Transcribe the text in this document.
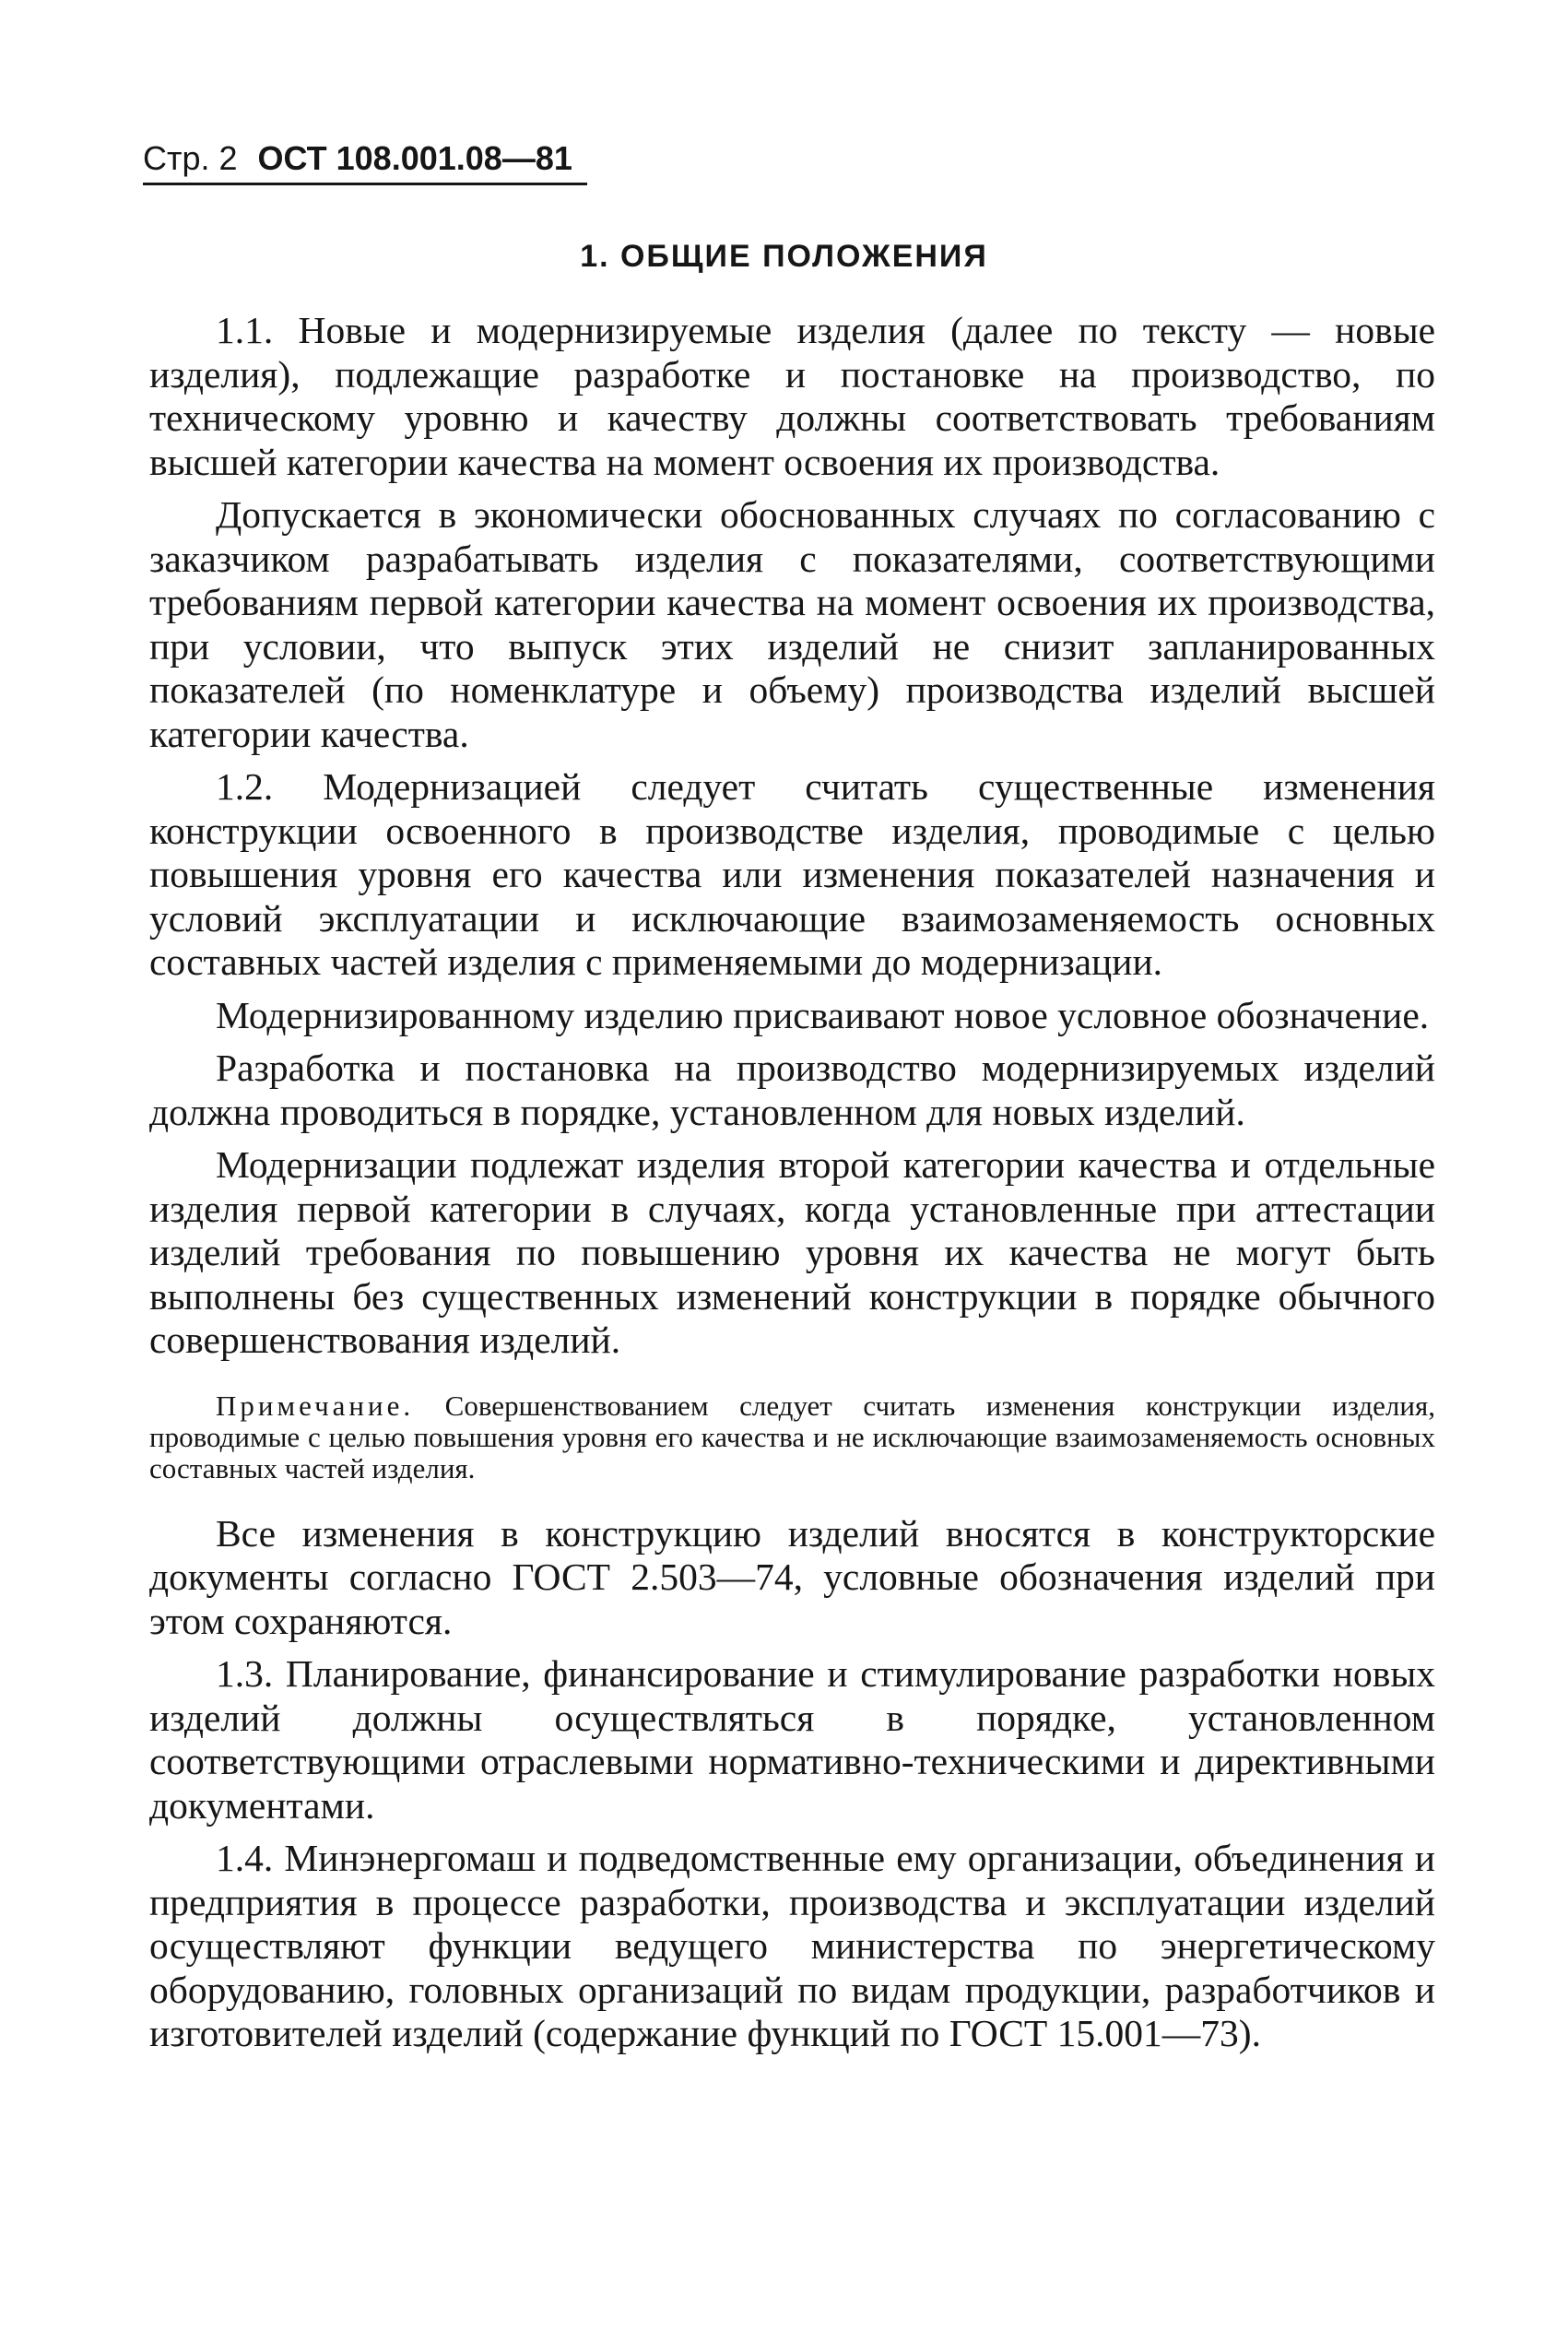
Стр. 2 ОСТ 108.001.08—81
1. ОБЩИЕ ПОЛОЖЕНИЯ

1.1. Новые и модернизируемые изделия (далее по тексту — новые изделия), подлежащие разработке и постановке на производство, по техническому уровню и качеству должны соответствовать требованиям высшей категории качества на момент освоения их производства.

Допускается в экономически обоснованных случаях по согласованию с заказчиком разрабатывать изделия с показателями, соответствующими требованиям первой категории качества на момент освоения их производства, при условии, что выпуск этих изделий не снизит запланированных показателей (по номенклатуре и объему) производства изделий высшей категории качества.

1.2. Модернизацией следует считать существенные изменения конструкции освоенного в производстве изделия, проводимые с целью повышения уровня его качества или изменения показателей назначения и условий эксплуатации и исключающие взаимозаменяемость основных составных частей изделия с применяемыми до модернизации.

Модернизированному изделию присваивают новое условное обозначение.

Разработка и постановка на производство модернизируемых изделий должна проводиться в порядке, установленном для новых изделий.

Модернизации подлежат изделия второй категории качества и отдельные изделия первой категории в случаях, когда установленные при аттестации изделий требования по повышению уровня их качества не могут быть выполнены без существенных изменений конструкции в порядке обычного совершенствования изделий.

Примечание. Совершенствованием следует считать изменения конструкции изделия, проводимые с целью повышения уровня его качества и не исключающие взаимозаменяемость основных составных частей изделия.

Все изменения в конструкцию изделий вносятся в конструкторские документы согласно ГОСТ 2.503—74, условные обозначения изделий при этом сохраняются.

1.3. Планирование, финансирование и стимулирование разработки новых изделий должны осуществляться в порядке, установленном соответствующими отраслевыми нормативно-техническими и директивными документами.

1.4. Минэнергомаш и подведомственные ему организации, объединения и предприятия в процессе разработки, производства и эксплуатации изделий осуществляют функции ведущего министерства по энергетическому оборудованию, головных организаций по видам продукции, разработчиков и изготовителей изделий (содержание функций по ГОСТ 15.001—73).
